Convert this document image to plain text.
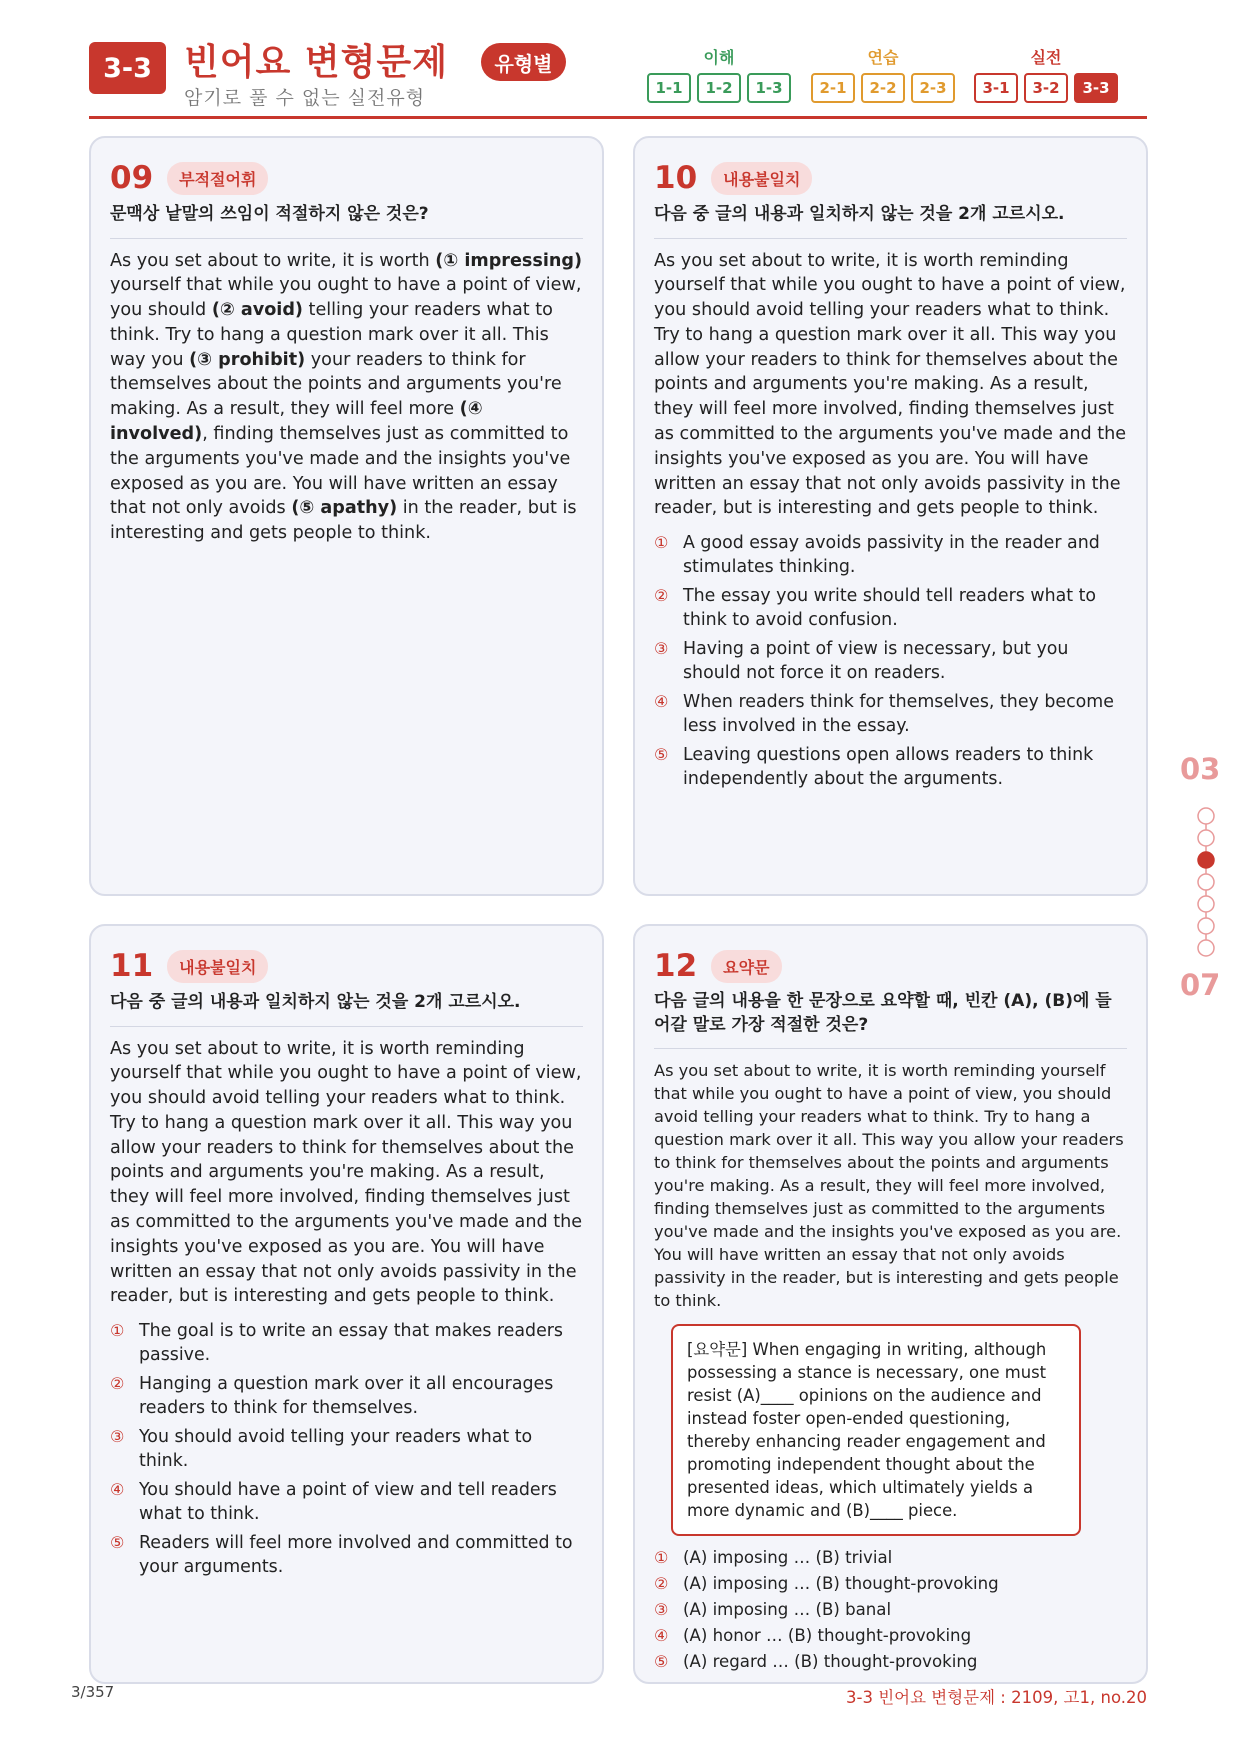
3-3 빈어요 변형문제	유형별
암기로 풀 수 없는 실전유형
이해
1-1	1-2	1-3
연습
2-1	2-2	2-3
실전
3-1	3-2	3-3
09	부적절어휘
문맥상 낱말의 쓰임이 적절하지 않은 것은?
As you set about to write, it is worth (① impressing) yourself that while you ought to have a point of view, you should (② avoid) telling your readers what to think. Try to hang a question mark over it all. This way you (③ prohibit) your readers to think for themselves about the points and arguments you're making. As a result, they will feel more (④ involved), finding themselves just as committed to the arguments you've made and the insights you've exposed as you are. You will have written an essay that not only avoids (⑤ apathy) in the reader, but is interesting and gets people to think.
10	내용불일치
다음 중 글의 내용과 일치하지 않는 것을 2개 고르시오.
As you set about to write, it is worth reminding yourself that while you ought to have a point of view, you should avoid telling your readers what to think. Try to hang a question mark over it all. This way you allow your readers to think for themselves about the points and arguments you're making. As a result, they will feel more involved, finding themselves just as committed to the arguments you've made and the insights you've exposed as you are. You will have written an essay that not only avoids passivity in the reader, but is interesting and gets people to think.
① A good essay avoids passivity in the reader and stimulates thinking.
② The essay you write should tell readers what to think to avoid confusion.
③ Having a point of view is necessary, but you should not force it on readers.
④ When readers think for themselves, they become less involved in the essay.
⑤ Leaving questions open allows readers to think independently about the arguments.
11	내용불일치
다음 중 글의 내용과 일치하지 않는 것을 2개 고르시오.
As you set about to write, it is worth reminding yourself that while you ought to have a point of view, you should avoid telling your readers what to think. Try to hang a question mark over it all. This way you allow your readers to think for themselves about the points and arguments you're making. As a result, they will feel more involved, finding themselves just as committed to the arguments you've made and the insights you've exposed as you are. You will have written an essay that not only avoids passivity in the reader, but is interesting and gets people to think.
① The goal is to write an essay that makes readers passive.
② Hanging a question mark over it all encourages readers to think for themselves.
③ You should avoid telling your readers what to think.
④ You should have a point of view and tell readers what to think.
⑤ Readers will feel more involved and committed to your arguments.
12	요약문
다음 글의 내용을 한 문장으로 요약할 때, 빈칸 (A), (B)에 들어갈 말로 가장 적절한 것은?
As you set about to write, it is worth reminding yourself that while you ought to have a point of view, you should avoid telling your readers what to think. Try to hang a question mark over it all. This way you allow your readers to think for themselves about the points and arguments you're making. As a result, they will feel more involved, finding themselves just as committed to the arguments you've made and the insights you've exposed as you are. You will have written an essay that not only avoids passivity in the reader, but is interesting and gets people to think.
[요약문] When engaging in writing, although possessing a stance is necessary, one must resist (A)____ opinions on the audience and instead foster open-ended questioning, thereby enhancing reader engagement and promoting independent thought about the presented ideas, which ultimately yields a more dynamic and (B)____ piece.
① (A) imposing … (B) trivial
② (A) imposing … (B) thought-provoking
③ (A) imposing … (B) banal
④ (A) honor … (B) thought-provoking
⑤ (A) regard … (B) thought-provoking
03
07
3/357	3-3 빈어요 변형문제 : 2109, 고1, no.20
